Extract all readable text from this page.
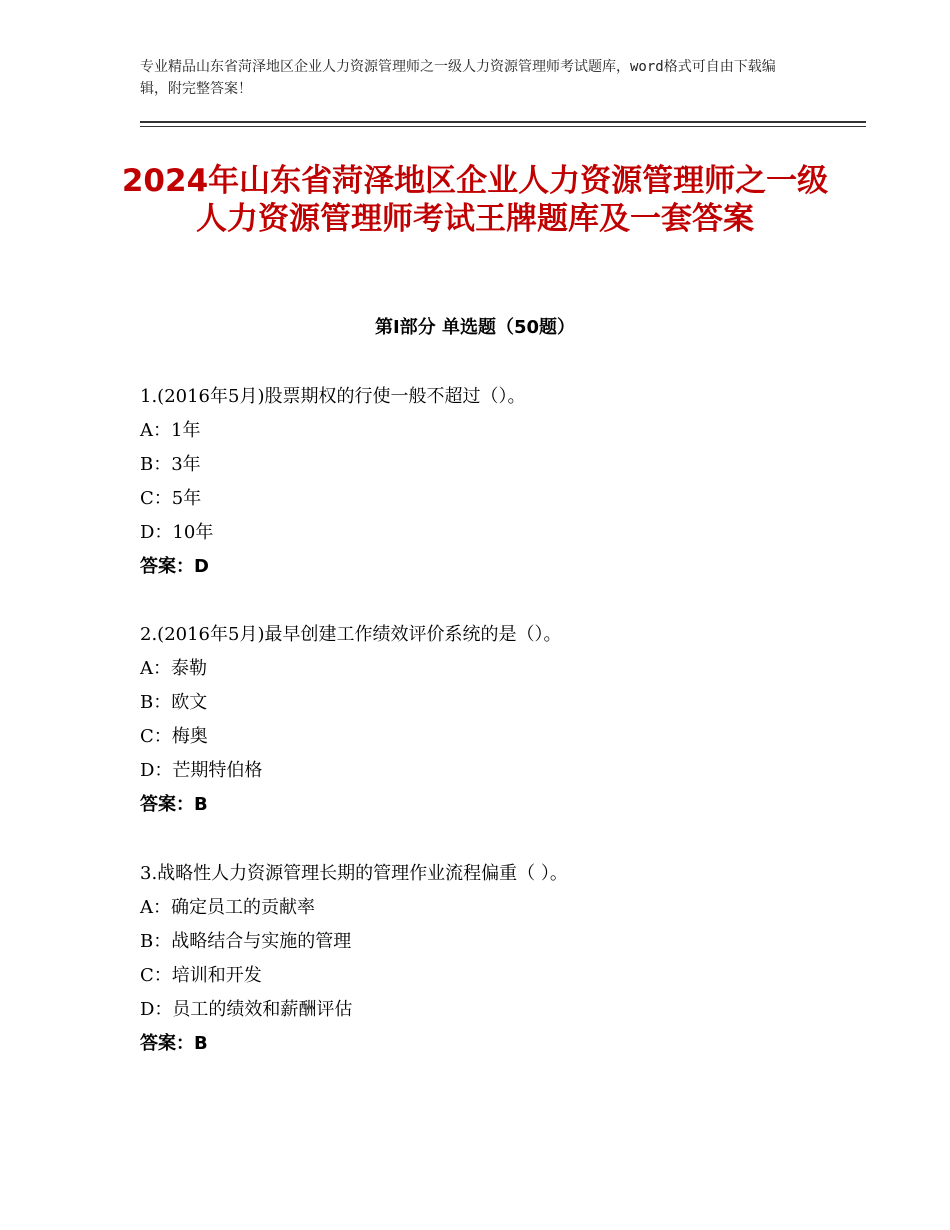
专业精品山东省菏泽地区企业人力资源管理师之一级人力资源管理师考试题库，word格式可自由下载编辑，附完整答案！
2024年山东省菏泽地区企业人力资源管理师之一级人力资源管理师考试王牌题库及一套答案
第Ⅰ部分 单选题（50题）
1.(2016年5月)股票期权的行使一般不超过（）。
A：1年
B：3年
C：5年
D：10年
答案：D
2.(2016年5月)最早创建工作绩效评价系统的是（）。
A：泰勒
B：欧文
C：梅奥
D：芒期特伯格
答案：B
3.战略性人力资源管理长期的管理作业流程偏重（ ）。
A：确定员工的贡献率
B：战略结合与实施的管理
C：培训和开发
D：员工的绩效和薪酬评估
答案：B
